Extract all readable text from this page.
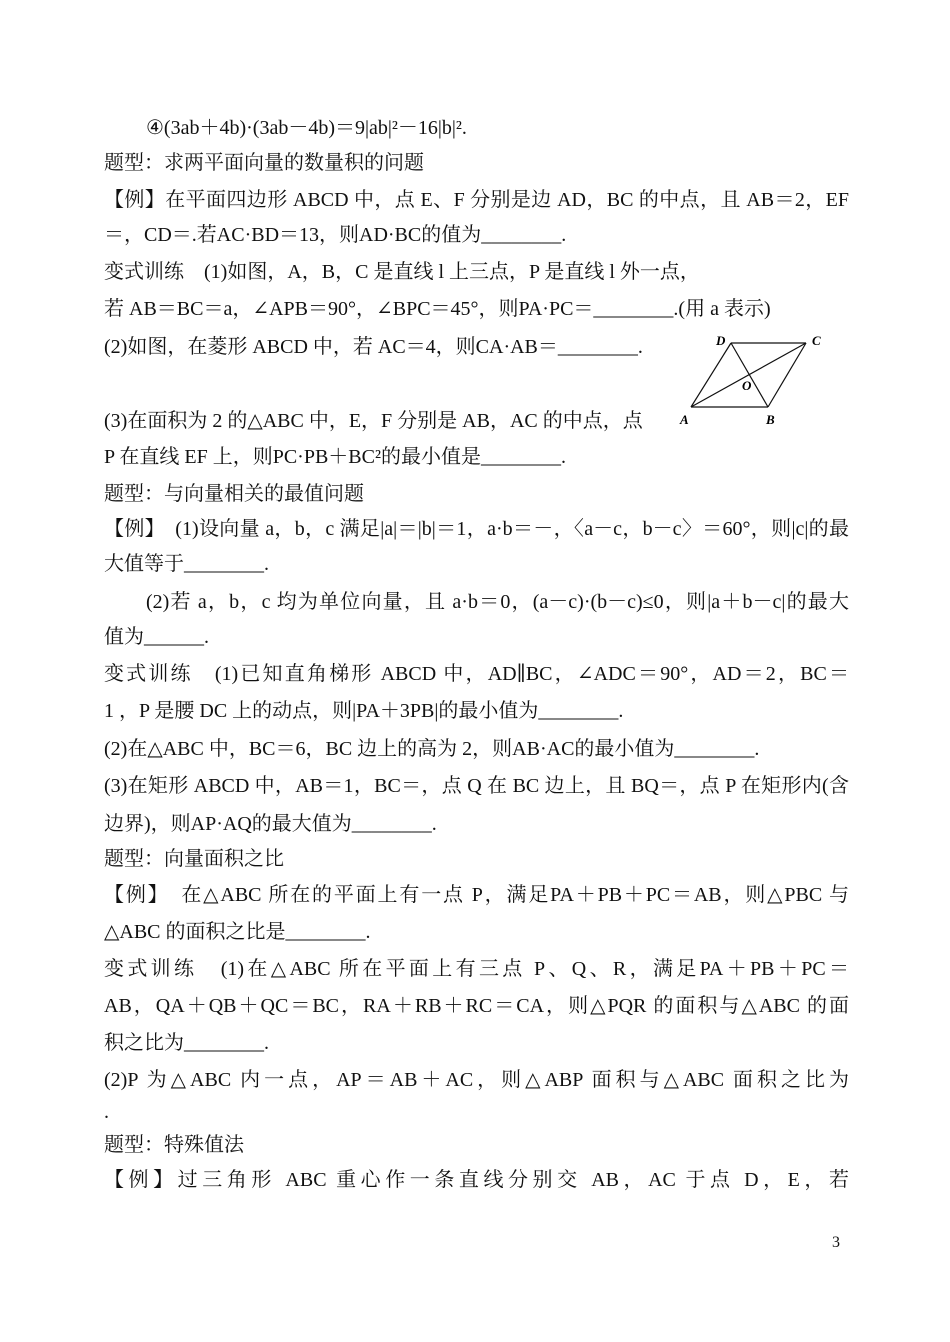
④(3ab＋4b)·(3ab－4b)＝9|ab|²－16|b|².
题型：求两平面向量的数量积的问题
【例】在平面四边形 ABCD 中，点 E、F 分别是边 AD，BC 的中点，且 AB＝2，EF
＝，CD＝.若AC·BD＝13，则AD·BC的值为________.
变式训练　(1)如图，A，B，C 是直线 l 上三点，P 是直线 l 外一点，
若 AB＝BC＝a，∠APB＝90°，∠BPC＝45°，则PA·PC＝________.(用 a 表示)
(2)如图，在菱形 ABCD 中，若 AC＝4，则CA·AB＝________.
(3)在面积为 2 的△ABC 中，E，F 分别是 AB，AC 的中点，点
P 在直线 EF 上，则PC·PB＋BC²的最小值是________.
题型：与向量相关的最值问题
【例】　(1)设向量 a，b，c 满足|a|＝|b|＝1，a·b＝－，〈a－c，b－c〉＝60°，则|c|的最
大值等于________.
(2)若 a，b，c 均为单位向量，且 a·b＝0，(a－c)·(b－c)≤0，则|a＋b－c|的最大
值为______.
变式训练　(1)已知直角梯形 ABCD 中，AD∥BC，∠ADC＝90°，AD＝2，BC＝
1 ，P 是腰 DC 上的动点，则|PA＋3PB|的最小值为________.
(2)在△ABC 中，BC＝6，BC 边上的高为 2，则AB·AC的最小值为________.
(3)在矩形 ABCD 中，AB＝1，BC＝，点 Q 在 BC 边上，且 BQ＝，点 P 在矩形内(含
边界)，则AP·AQ的最大值为________.
题型：向量面积之比
【例】　在△ABC 所在的平面上有一点 P，满足PA＋PB＋PC＝AB，则△PBC 与
△ABC 的面积之比是________.
变式训练　(1)在△ABC 所在平面上有三点 P、Q、R，满足PA＋PB＋PC＝
AB，QA＋QB＋QC＝BC，RA＋RB＋RC＝CA，则△PQR 的面积与△ABC 的面
积之比为________.
(2)P 为△ABC 内一点，AP＝AB＋AC，则△ABP 面积与△ABC 面积之比为
.
题型：特殊值法
【例】过三角形 ABC 重心作一条直线分别交 AB，AC 于点 D，E，若
D	C
O
A	B
3
